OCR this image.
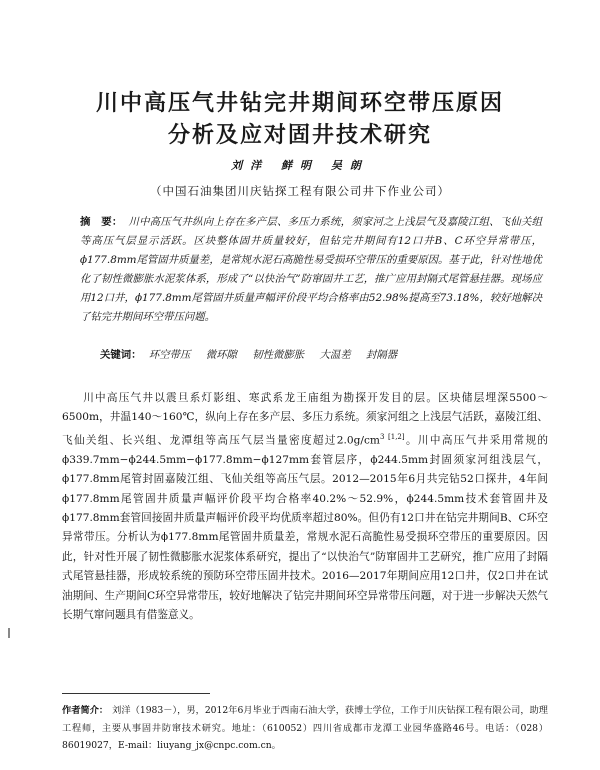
川中高压气井钻完井期间环空带压原因
分析及应对固井技术研究
刘洋 鲜明 吴朗
（中国石油集团川庆钻探工程有限公司井下作业公司）
摘　要： 川中高压气井纵向上存在多产层、多压力系统，须家河之上浅层气及嘉陵江组、飞仙关组等高压气层显示活跃。区块整体固井质量较好，但钻完井期间有12口井B、C环空异常带压，ϕ177.8mm尾管固井质量差，是常规水泥石高脆性易受损环空带压的重要原因。基于此，针对性地优化了韧性微膨胀水泥浆体系，形成了“以快治气”防窜固井工艺，推广应用封隔式尾管悬挂器。现场应用12口井，ϕ177.8mm尾管固井质量声幅评价段平均合格率由52.98%提高至73.18%，较好地解决了钻完井期间环空带压问题。
关键词： 环空带压 微环隙 韧性微膨胀 大温差 封隔器
川中高压气井以震旦系灯影组、寒武系龙王庙组为勘探开发目的层。区块储层埋深5500～6500m，井温140～160℃，纵向上存在多产层、多压力系统。须家河组之上浅层气活跃，嘉陵江组、飞仙关组、长兴组、龙潭组等高压气层当量密度超过$2.0g/cm^{3 [1,2]}$。川中高压气井采用常规的ϕ339.7mm−ϕ244.5mm−ϕ177.8mm−ϕ127mm套管层序，ϕ244.5mm封固须家河组浅层气，ϕ177.8mm尾管封固嘉陵江组、飞仙关组等高压气层。2012—2015年6月共完钻52口探井，4年间ϕ177.8mm尾管固井质量声幅评价段平均合格率40.2%～52.9%，ϕ244.5mm技术套管固井及ϕ177.8mm套管回接固井质量声幅评价段平均优质率超过80%。但仍有12口井在钻完井期间B、C环空异常带压。分析认为ϕ177.8mm尾管固井质量差，常规水泥石高脆性易受损环空带压的重要原因。因此，针对性开展了韧性微膨胀水泥浆体系研究，提出了“以快治气”防窜固井工艺研究，推广应用了封隔式尾管悬挂器，形成较系统的预防环空带压固井技术。2016—2017年期间应用12口井，仅2口井在试油期间、生产期间C环空异常带压，较好地解决了钻完井期间环空异常带压问题，对于进一步解决天然气长期气窜问题具有借鉴意义。
作者简介： 刘洋（1983－），男，2012年6月毕业于西南石油大学，获博士学位，工作于川庆钻探工程有限公司，助理工程师，主要从事固井防窜技术研究。地址：（610052）四川省成都市龙潭工业园华盛路46号。电话：（028）86019027，E-mail：liuyang_jx@cnpc.com.cn。
